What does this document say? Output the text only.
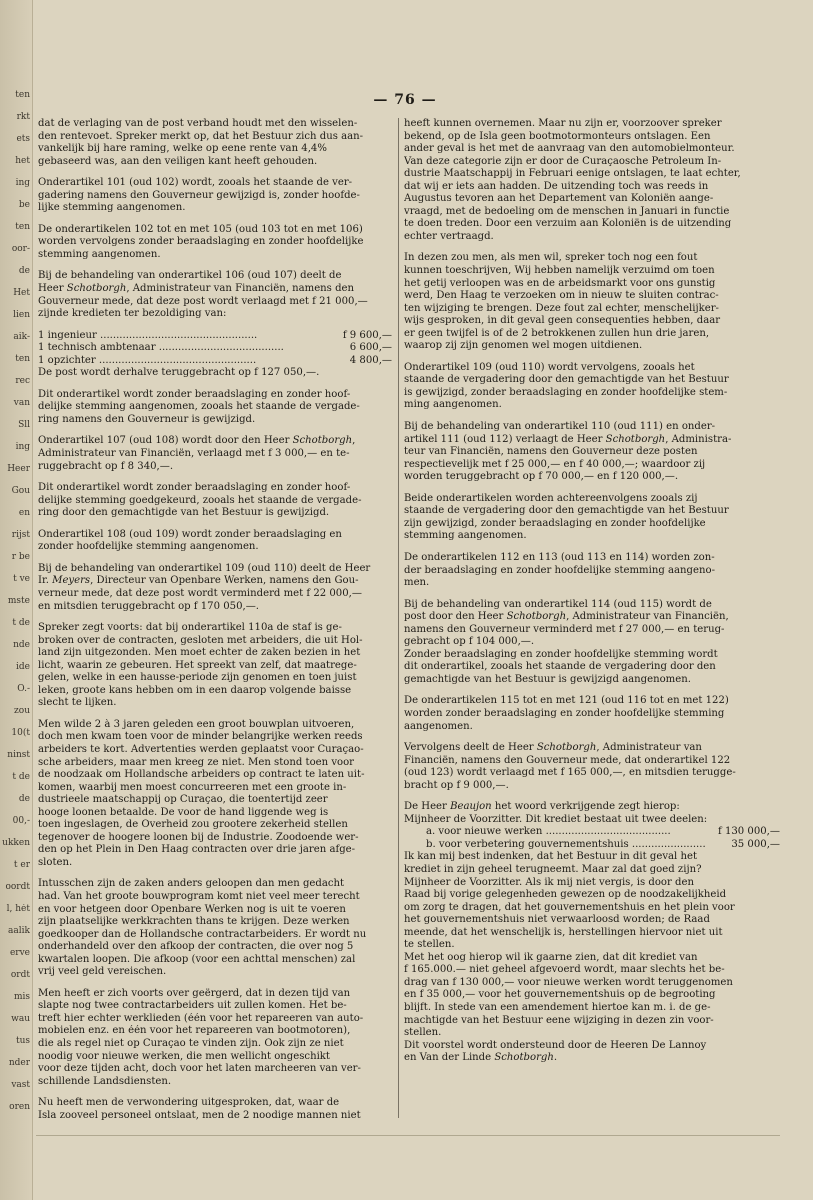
ten
rkt
ets
het
ing
be
ten
oor-
de
Het
lien
aik-
ten
rec
van
Sll
ing
Heer
Gou
en
rijst
r be
t ve
mste
t de
nde
ide
O.-
zou
10(t
ninst
t de
de
00,-
ukken
t er
oordt
l, hét
aalik
erve
ordt
mis
wau
tus
nder
vast
oren
— 76 —
dat de verlaging van de post verband houdt met den wisselen-
den rentevoet. Spreker merkt op, dat het Bestuur zich dus aan-
vankelijk bij hare raming, welke op eene rente van 4,4%
gebaseerd was, aan den veiligen kant heeft gehouden.
Onderartikel 101 (oud 102) wordt, zooals het staande de ver-
gadering namens den Gouverneur gewijzigd is, zonder hoofde-
lijke stemming aangenomen.
De onderartikelen 102 tot en met 105 (oud 103 tot en met 106)
worden vervolgens zonder beraadslaging en zonder hoofdelijke
stemming aangenomen.
Bij de behandeling van onderartikel 106 (oud 107) deelt de
Heer Schotborgh, Administrateur van Financiën, namens den
Gouverneur mede, dat deze post wordt verlaagd met f 21 000,—
zijnde kredieten ter bezoldiging van:
1 ingenieur .................................................	f 9 600,—
1 technisch ambtenaar .......................................	6 600,—
1 opzichter .................................................	4 800,—
De post wordt derhalve teruggebracht op f 127 050,—.
Dit onderartikel wordt zonder beraadslaging en zonder hoof-
delijke stemming aangenomen, zooals het staande de vergade-
ring namens den Gouverneur is gewijzigd.
Onderartikel 107 (oud 108) wordt door den Heer Schotborgh,
Administrateur van Financiën, verlaagd met f 3 000,— en te-
ruggebracht op f 8 340,—.
Dit onderartikel wordt zonder beraadslaging en zonder hoof-
delijke stemming goedgekeurd, zooals het staande de vergade-
ring door den gemachtigde van het Bestuur is gewijzigd.
Onderartikel 108 (oud 109) wordt zonder beraadslaging en
zonder hoofdelijke stemming aangenomen.
Bij de behandeling van onderartikel 109 (oud 110) deelt de Heer
Ir. Meyers, Directeur van Openbare Werken, namens den Gou-
verneur mede, dat deze post wordt verminderd met f 22 000,—
en mitsdien teruggebracht op f 170 050,—.
Spreker zegt voorts: dat bij onderartikel 110a de staf is ge-
broken over de contracten, gesloten met arbeiders, die uit Hol-
land zijn uitgezonden. Men moet echter de zaken bezien in het
licht, waarin ze gebeuren. Het spreekt van zelf, dat maatrege-
gelen, welke in een hausse-periode zijn genomen en toen juist
leken, groote kans hebben om in een daarop volgende baisse
slecht te lijken.
Men wilde 2 à 3 jaren geleden een groot bouwplan uitvoeren,
doch men kwam toen voor de minder belangrijke werken reeds
arbeiders te kort. Advertenties werden geplaatst voor Curaçao-
sche arbeiders, maar men kreeg ze niet. Men stond toen voor
de noodzaak om Hollandsche arbeiders op contract te laten uit-
komen, waarbij men moest concurreeren met een groote in-
dustrieele maatschappij op Curaçao, die toentertijd zeer
hooge loonen betaalde. De voor de hand liggende weg is
toen ingeslagen, de Overheid zou grootere zekerheid stellen
tegenover de hoogere loonen bij de Industrie. Zoodoende wer-
den op het Plein in Den Haag contracten over drie jaren afge-
sloten.
Intusschen zijn de zaken anders geloopen dan men gedacht
had. Van het groote bouwprogram komt niet veel meer terecht
en voor hetgeen door Openbare Werken nog is uit te voeren
zijn plaatselijke werkkrachten thans te krijgen. Deze werken
goedkooper dan de Hollandsche contractarbeiders. Er wordt nu
onderhandeld over den afkoop der contracten, die over nog 5
kwartalen loopen. Die afkoop (voor een achttal menschen) zal
vrij veel geld vereischen.
Men heeft er zich voorts over geërgerd, dat in dezen tijd van
slapte nog twee contractarbeiders uit zullen komen. Het be-
treft hier echter werklieden (één voor het repareeren van auto-
mobielen enz. en één voor het repareeren van bootmotoren),
die als regel niet op Curaçao te vinden zijn. Ook zijn ze niet
noodig voor nieuwe werken, die men wellicht ongeschikt
voor deze tijden acht, doch voor het laten marcheeren van ver-
schillende Landsdiensten.
Nu heeft men de verwondering uitgesproken, dat, waar de
Isla zooveel personeel ontslaat, men de 2 noodige mannen niet
heeft kunnen overnemen. Maar nu zijn er, voorzoover spreker
bekend, op de Isla geen bootmotormonteurs ontslagen. Een
ander geval is het met de aanvraag van den automobielmonteur.
Van deze categorie zijn er door de Curaçaosche Petroleum In-
dustrie Maatschappij in Februari eenige ontslagen, te laat echter,
dat wij er iets aan hadden. De uitzending toch was reeds in
Augustus tevoren aan het Departement van Koloniën aange-
vraagd, met de bedoeling om de menschen in Januari in functie
te doen treden. Door een verzuim aan Koloniën is de uitzending
echter vertraagd.
In dezen zou men, als men wil, spreker toch nog een fout
kunnen toeschrijven, Wij hebben namelijk verzuimd om toen
het getij verloopen was en de arbeidsmarkt voor ons gunstig
werd, Den Haag te verzoeken om in nieuw te sluiten contrac-
ten wijziging te brengen. Deze fout zal echter, menschelijker-
wijs gesproken, in dit geval geen consequenties hebben, daar
er geen twijfel is of de 2 betrokkenen zullen hun drie jaren,
waarop zij zijn genomen wel mogen uitdienen.
Onderartikel 109 (oud 110) wordt vervolgens, zooals het
staande de vergadering door den gemachtigde van het Bestuur
is gewijzigd, zonder beraadslaging en zonder hoofdelijke stem-
ming aangenomen.
Bij de behandeling van onderartikel 110 (oud 111) en onder-
artikel 111 (oud 112) verlaagt de Heer Schotborgh, Administra-
teur van Financiën, namens den Gouverneur deze posten
respectievelijk met f 25 000,— en f 40 000,—; waardoor zij
worden teruggebracht op f 70 000,— en f 120 000,—.
Beide onderartikelen worden achtereenvolgens zooals zij
staande de vergadering door den gemachtigde van het Bestuur
zijn gewijzigd, zonder beraadslaging en zonder hoofdelijke
stemming aangenomen.
De onderartikelen 112 en 113 (oud 113 en 114) worden zon-
der beraadslaging en zonder hoofdelijke stemming aangeno-
men.
Bij de behandeling van onderartikel 114 (oud 115) wordt de
post door den Heer Schotborgh, Administrateur van Financiën,
namens den Gouverneur verminderd met f 27 000,— en terug-
gebracht op f 104 000,—.
Zonder beraadslaging en zonder hoofdelijke stemming wordt
dit onderartikel, zooals het staande de vergadering door den
gemachtigde van het Bestuur is gewijzigd aangenomen.
De onderartikelen 115 tot en met 121 (oud 116 tot en met 122)
worden zonder beraadslaging en zonder hoofdelijke stemming
aangenomen.
Vervolgens deelt de Heer Schotborgh, Administrateur van
Financiën, namens den Gouverneur mede, dat onderartikel 122
(oud 123) wordt verlaagd met f 165 000,—, en mitsdien terugge-
bracht op f 9 000,—.
De Heer Beaujon het woord verkrijgende zegt hierop:
Mijnheer de Voorzitter. Dit krediet bestaat uit twee deelen:
a. voor nieuwe werken .......................................	f 130 000,—
b. voor verbetering gouvernementshuis .......................	35 000,—
Ik kan mij best indenken, dat het Bestuur in dit geval het
krediet in zijn geheel terugneemt. Maar zal dat goed zijn?
Mijnheer de Voorzitter. Als ik mij niet vergis, is door den
Raad bij vorige gelegenheden gewezen op de noodzakelijkheid
om zorg te dragen, dat het gouvernementshuis en het plein voor
het gouvernementshuis niet verwaarloosd worden; de Raad
meende, dat het wenschelijk is, herstellingen hiervoor niet uit
te stellen.
Met het oog hierop wil ik gaarne zien, dat dit krediet van
f 165.000.— niet geheel afgevoerd wordt, maar slechts het be-
drag van f 130 000,— voor nieuwe werken wordt teruggenomen
en f 35 000,— voor het gouvernementshuis op de begrooting
blijft. In stede van een amendement hiertoe kan m. i. de ge-
machtigde van het Bestuur eene wijziging in dezen zin voor-
stellen.
Dit voorstel wordt ondersteund door de Heeren De Lannoy
en Van der Linde Schotborgh.
